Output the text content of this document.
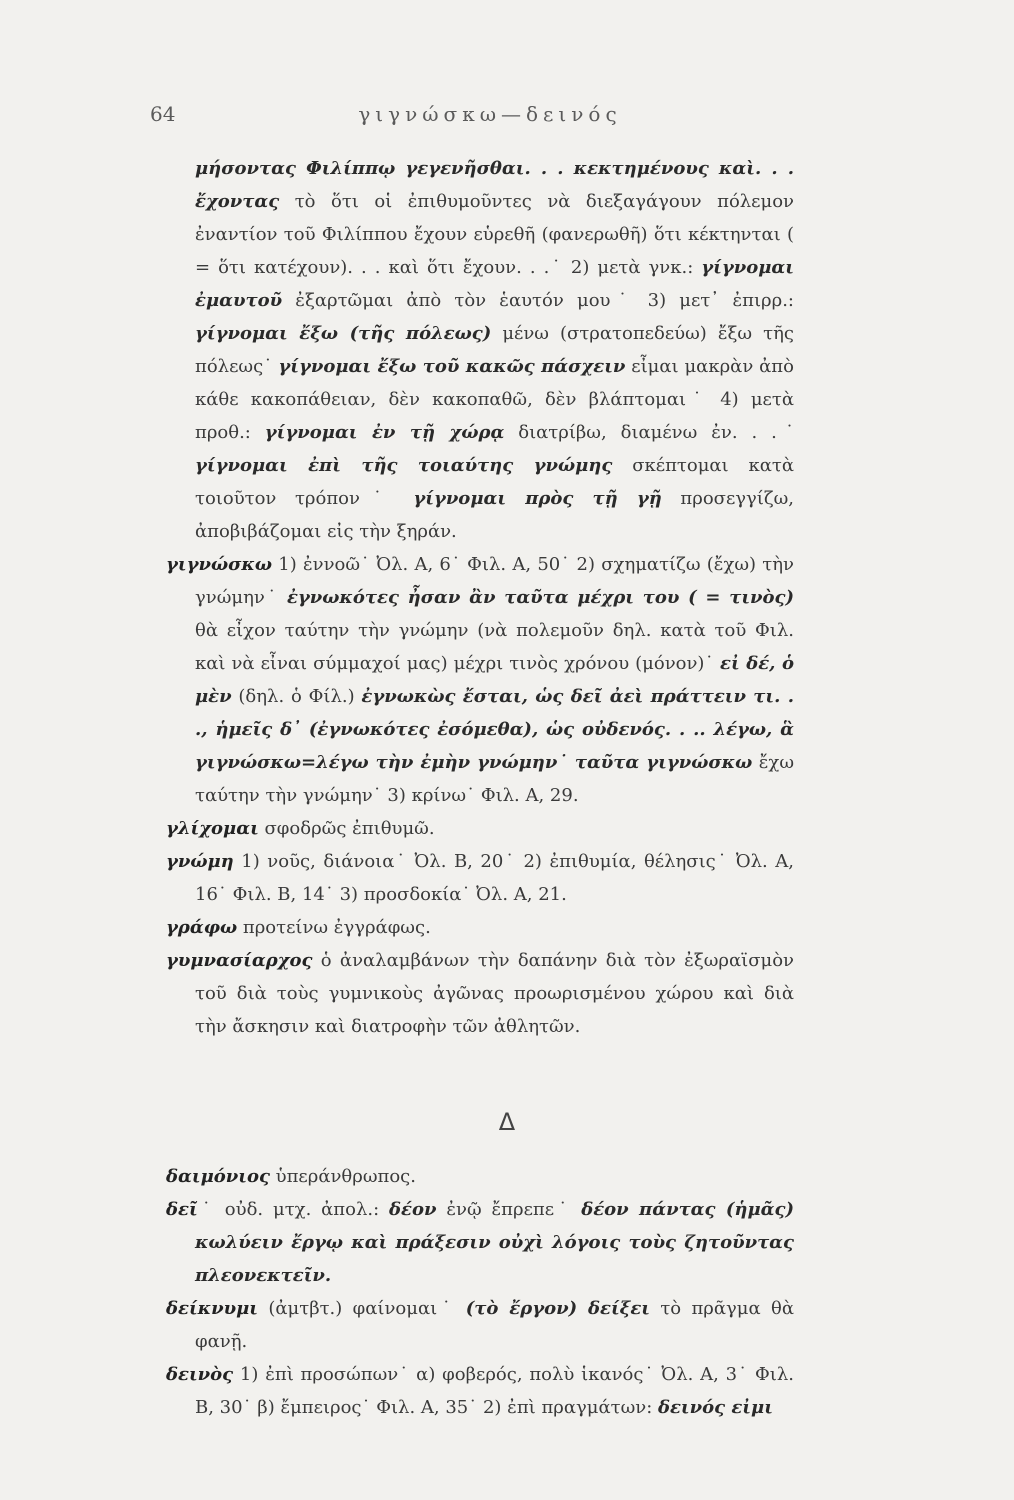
64	γιγνώσκω—δεινός

μήσοντας Φιλίππῳ γεγενῆσθαι. . . κεκτημένους καὶ. . . ἔχοντας τὸ ὅτι οἱ ἐπιθυμοῦντες νὰ διεξαγάγουν πόλεμον ἐναντίον τοῦ Φιλίππου ἔχουν εὑρεθῆ (φανερωθῆ) ὅτι κέκτηνται ( = ὅτι κατέχουν). . . καὶ ὅτι ἔχουν. . .˙ 2) μετὰ γνκ.: γίγνομαι ἐμαυτοῦ ἐξαρτῶμαι ἀπὸ τὸν ἑαυτόν μου˙ 3) μετ᾽ ἐπιρρ.: γίγνομαι ἔξω (τῆς πόλεως) μένω (στρατοπεδεύω) ἔξω τῆς πόλεως˙ γίγνομαι ἔξω τοῦ κακῶς πάσχειν εἶμαι μακρὰν ἀπὸ κάθε κακοπάθειαν, δὲν κακοπαθῶ, δὲν βλάπτομαι˙ 4) μετὰ προθ.: γίγνομαι ἐν τῇ χώρᾳ διατρίβω, διαμένω ἐν. . .˙ γίγνομαι ἐπὶ τῆς τοιαύτης γνώμης σκέπτομαι κατὰ τοιοῦτον τρόπον˙ γίγνομαι πρὸς τῇ γῇ προσεγγίζω, ἀποβιβάζομαι εἰς τὴν ξηράν.

γιγνώσκω 1) ἐννοῶ˙ Ὀλ. Α, 6˙ Φιλ. Α, 50˙ 2) σχηματίζω (ἔχω) τὴν γνώμην˙ ἐγνωκότες ἦσαν ἂν ταῦτα μέχρι του ( = τινὸς) θὰ εἶχον ταύτην τὴν γνώμην (νὰ πολεμοῦν δηλ. κατὰ τοῦ Φιλ. καὶ νὰ εἶναι σύμμαχοί μας) μέχρι τινὸς χρόνου (μόνον)˙ εἰ δέ, ὁ μὲν (δηλ. ὁ Φίλ.) ἐγνωκὼς ἔσται, ὡς δεῖ ἀεὶ πράττειν τι. . ., ἡμεῖς δ᾽ (ἐγνωκότες ἐσόμεθα), ὡς οὐδενός. . .. λέγω, ἃ γιγνώσκω=λέγω τὴν ἐμὴν γνώμην˙ ταῦτα γιγνώσκω ἔχω ταύτην τὴν γνώμην˙ 3) κρίνω˙ Φιλ. Α, 29.

γλίχομαι σφοδρῶς ἐπιθυμῶ.

γνώμη 1) νοῦς, διάνοια˙ Ὀλ. Β, 20˙ 2) ἐπιθυμία, θέλησις˙ Ὀλ. Α, 16˙ Φιλ. Β, 14˙ 3) προσδοκία˙ Ὀλ. Α, 21.

γράφω προτείνω ἐγγράφως.

γυμνασίαρχος ὁ ἀναλαμβάνων τὴν δαπάνην διὰ τὸν ἐξωραϊσμὸν τοῦ διὰ τοὺς γυμνικοὺς ἀγῶνας προωρισμένου χώρου καὶ διὰ τὴν ἄσκησιν καὶ διατροφὴν τῶν ἀθλητῶν.

Δ

δαιμόνιος ὑπεράνθρωπος.

δεῖ˙ οὐδ. μτχ. ἀπολ.: δέον ἐνῷ ἔπρεπε˙ δέον πάντας (ἡμᾶς) κωλύειν ἔργῳ καὶ πράξεσιν οὐχὶ λόγοις τοὺς ζητοῦντας πλεονεκτεῖν.

δείκνυμι (ἀμτβτ.) φαίνομαι˙ (τὸ ἔργον) δείξει τὸ πρᾶγμα θὰ φανῇ.

δεινὸς 1) ἐπὶ προσώπων˙ α) φοβερός, πολὺ ἱκανός˙ Ὀλ. Α, 3˙ Φιλ. Β, 30˙ β) ἔμπειρος˙ Φιλ. Α, 35˙ 2) ἐπὶ πραγμάτων: δεινός εἰμι
